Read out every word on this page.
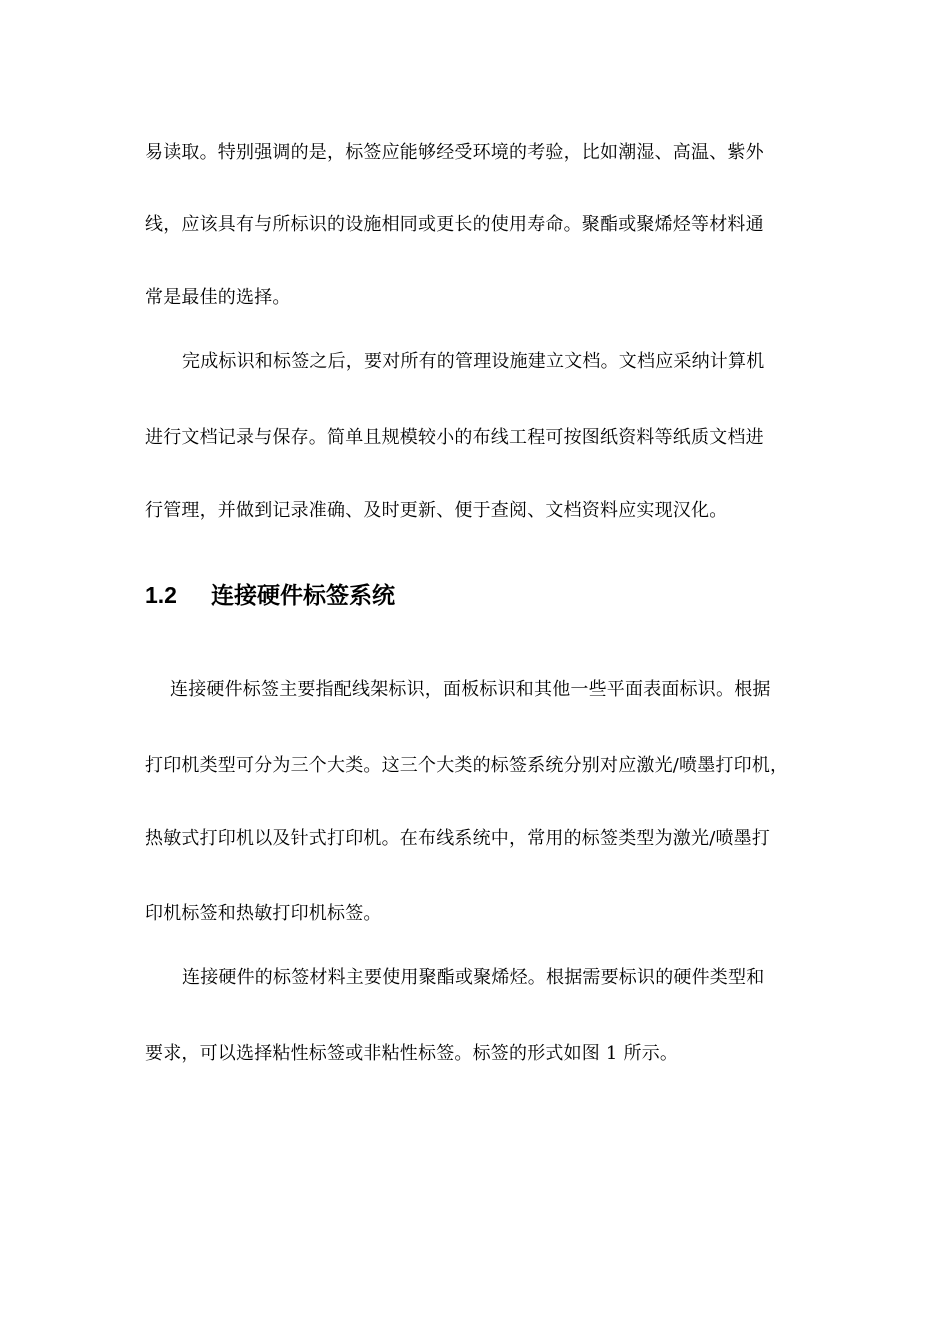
易读取。特别强调的是，标签应能够经受环境的考验，比如潮湿、高温、紫外
线，应该具有与所标识的设施相同或更长的使用寿命。聚酯或聚烯烃等材料通
常是最佳的选择。
完成标识和标签之后，要对所有的管理设施建立文档。文档应采纳计算机
进行文档记录与保存。简单且规模较小的布线工程可按图纸资料等纸质文档进
行管理，并做到记录准确、及时更新、便于查阅、文档资料应实现汉化。
1.2 连接硬件标签系统
连接硬件标签主要指配线架标识，面板标识和其他一些平面表面标识。根据
打印机类型可分为三个大类。这三个大类的标签系统分别对应激光/喷墨打印机，
热敏式打印机以及针式打印机。在布线系统中，常用的标签类型为激光/喷墨打
印机标签和热敏打印机标签。
连接硬件的标签材料主要使用聚酯或聚烯烃。根据需要标识的硬件类型和
要求，可以选择粘性标签或非粘性标签。标签的形式如图 1 所示。
